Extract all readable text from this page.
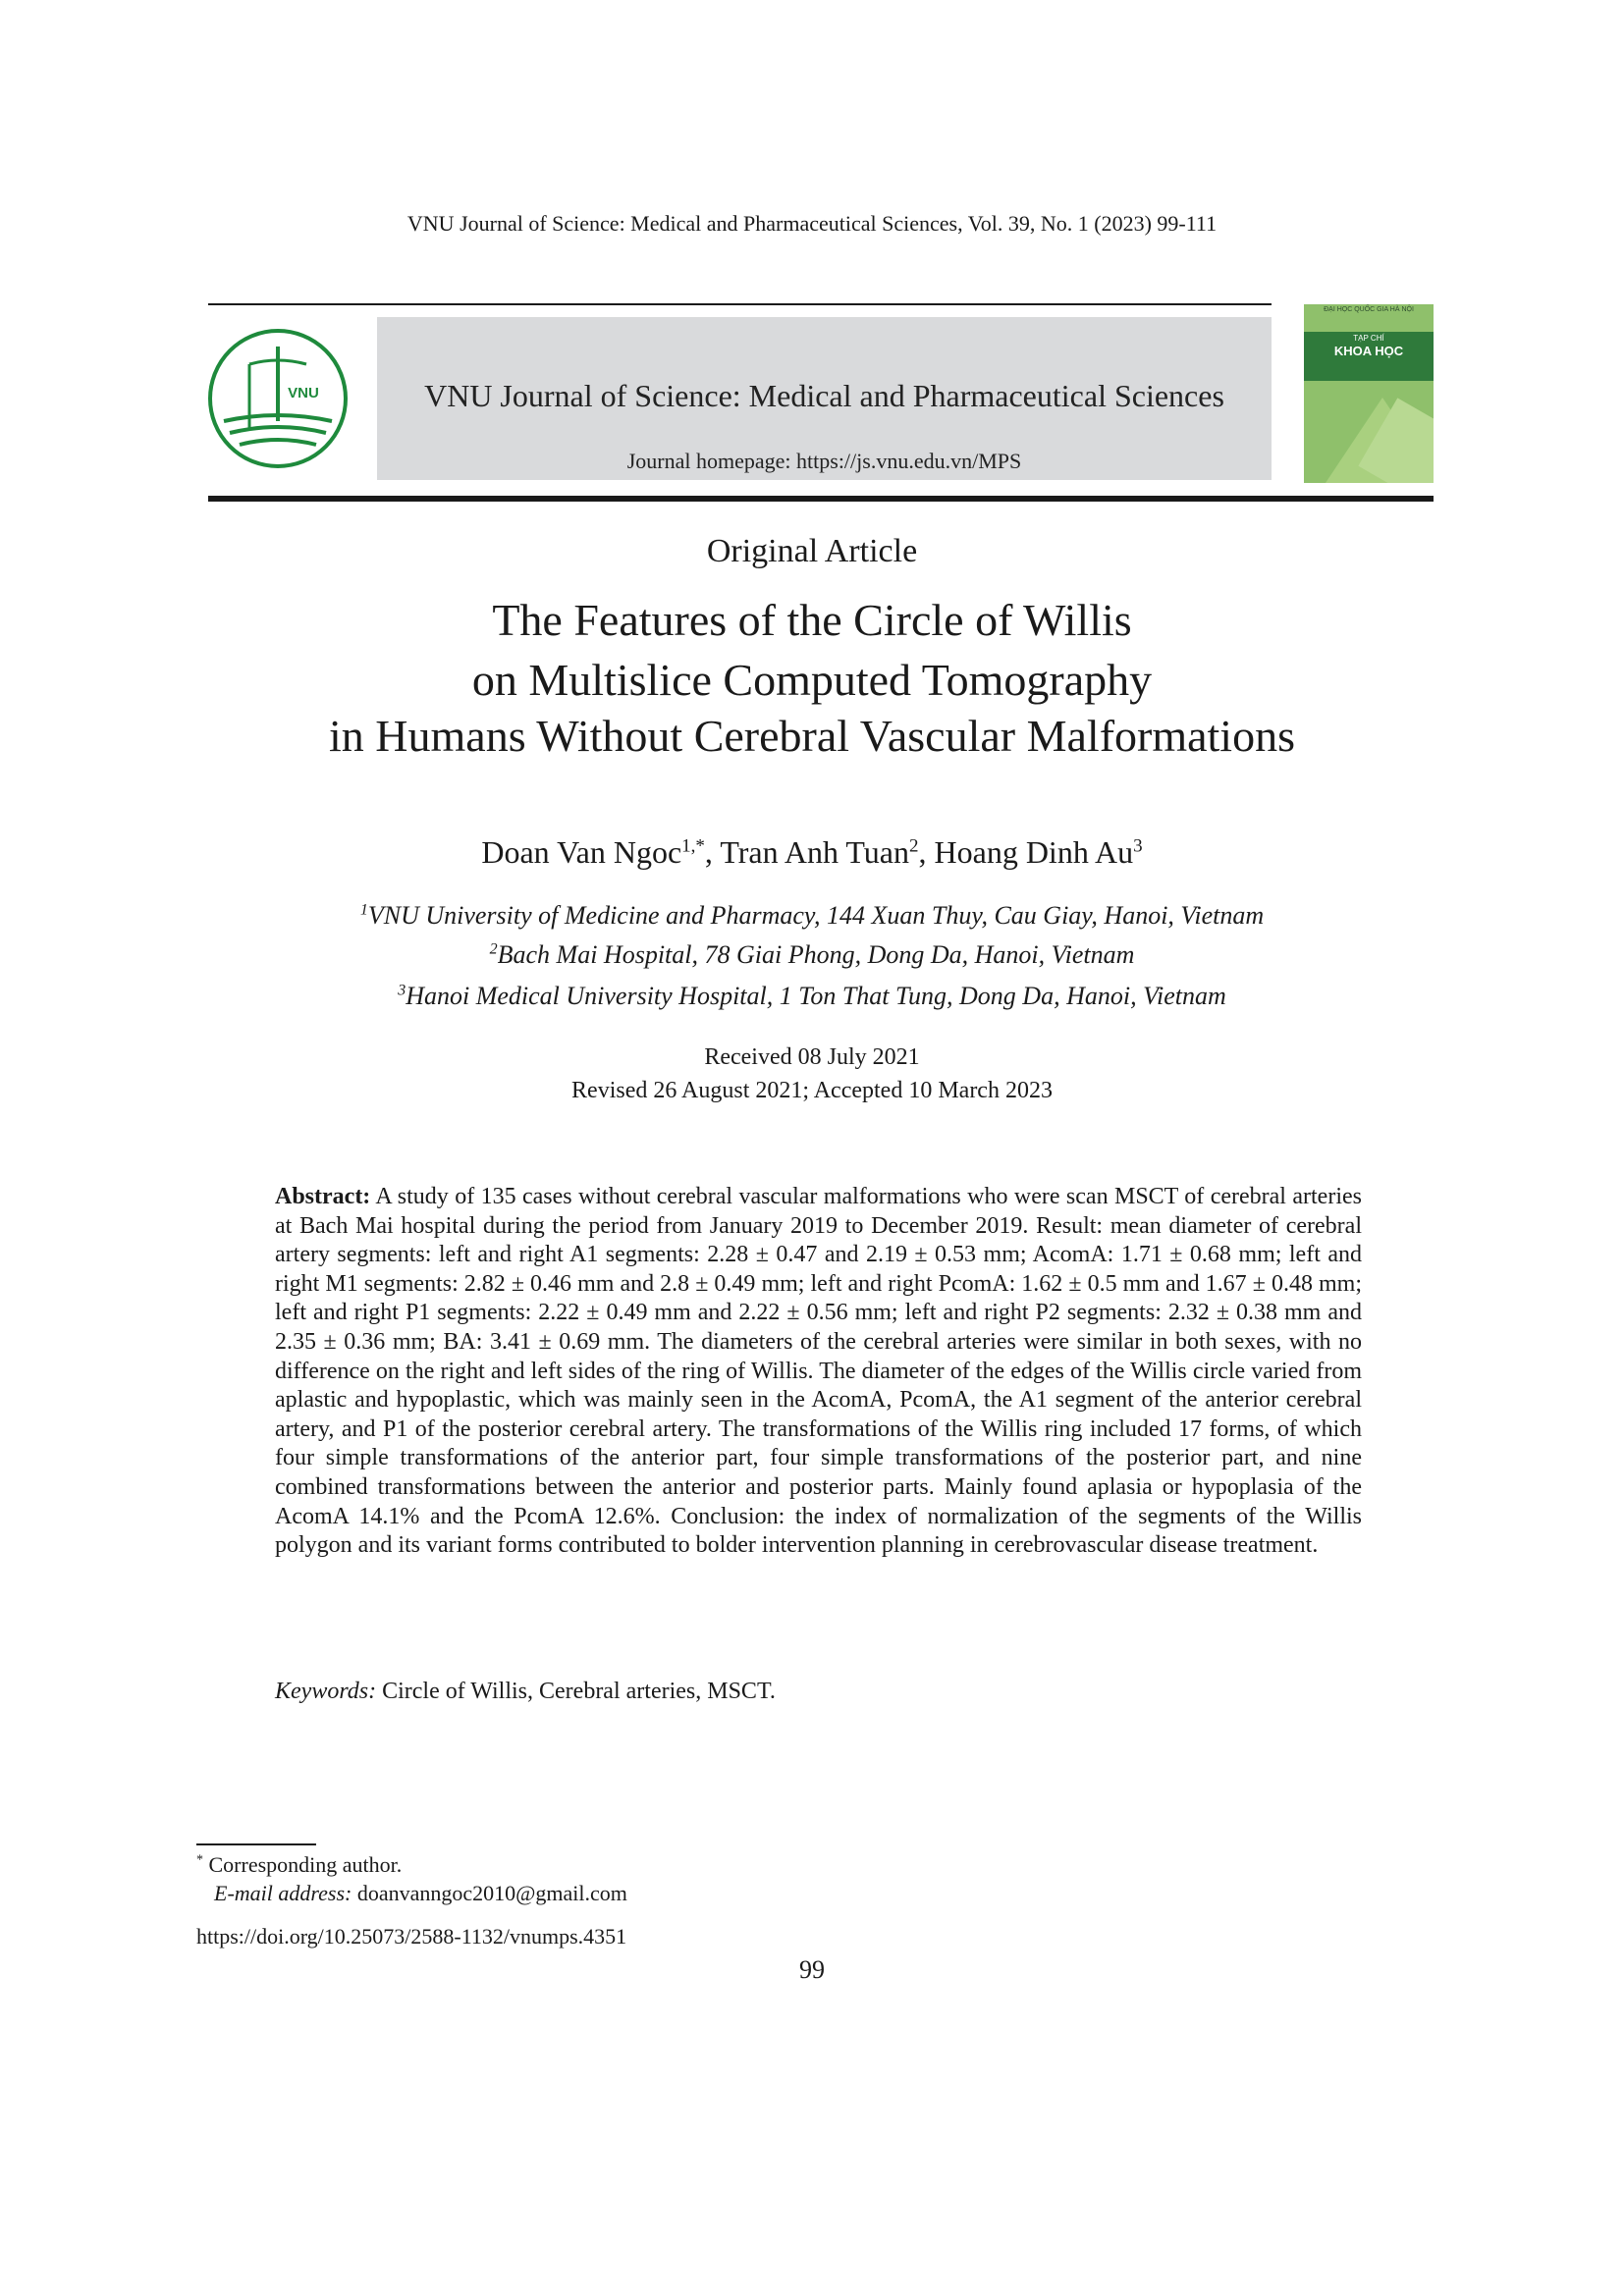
VNU Journal of Science: Medical and Pharmaceutical Sciences, Vol. 39, No. 1 (2023) 99-111
VNU	VNU Journal of Science: Medical and Pharmaceutical Sciences
Journal homepage: https://js.vnu.edu.vn/MPS
ĐẠI HỌC QUỐC GIA HÀ NỘI
TẠP CHÍ
KHOA HỌC
Original Article
The Features of the Circle of Willis
on Multislice Computed Tomography
in Humans Without Cerebral Vascular Malformations
Doan Van Ngoc$^{1,*}$, Tran Anh Tuan$^2$, Hoang Dinh Au$^3$
$^1$VNU University of Medicine and Pharmacy, 144 Xuan Thuy, Cau Giay, Hanoi, Vietnam
$^2$Bach Mai Hospital, 78 Giai Phong, Dong Da, Hanoi, Vietnam
$^3$Hanoi Medical University Hospital, 1 Ton That Tung, Dong Da, Hanoi, Vietnam
Received 08 July 2021
Revised 26 August 2021; Accepted 10 March 2023
Abstract: A study of 135 cases without cerebral vascular malformations who were scan MSCT of cerebral arteries at Bach Mai hospital during the period from January 2019 to December 2019. Result: mean diameter of cerebral artery segments: left and right A1 segments: 2.28 ± 0.47 and 2.19 ± 0.53 mm; AcomA: 1.71 ± 0.68 mm; left and right M1 segments: 2.82 ± 0.46 mm and 2.8 ± 0.49 mm; left and right PcomA: 1.62 ± 0.5 mm and 1.67 ± 0.48 mm; left and right P1 segments: 2.22 ± 0.49 mm and 2.22 ± 0.56 mm; left and right P2 segments: 2.32 ± 0.38 mm and 2.35 ± 0.36 mm; BA: 3.41 ± 0.69 mm. The diameters of the cerebral arteries were similar in both sexes, with no difference on the right and left sides of the ring of Willis. The diameter of the edges of the Willis circle varied from aplastic and hypoplastic, which was mainly seen in the AcomA, PcomA, the A1 segment of the anterior cerebral artery, and P1 of the posterior cerebral artery. The transformations of the Willis ring included 17 forms, of which four simple transformations of the anterior part, four simple transformations of the posterior part, and nine combined transformations between the anterior and posterior parts. Mainly found aplasia or hypoplasia of the AcomA 14.1% and the PcomA 12.6%. Conclusion: the index of normalization of the segments of the Willis polygon and its variant forms contributed to bolder intervention planning in cerebrovascular disease treatment.
Keywords: Circle of Willis, Cerebral arteries, MSCT.
* Corresponding author.
E-mail address: doanvanngoc2010@gmail.com
https://doi.org/10.25073/2588-1132/vnumps.4351
99
